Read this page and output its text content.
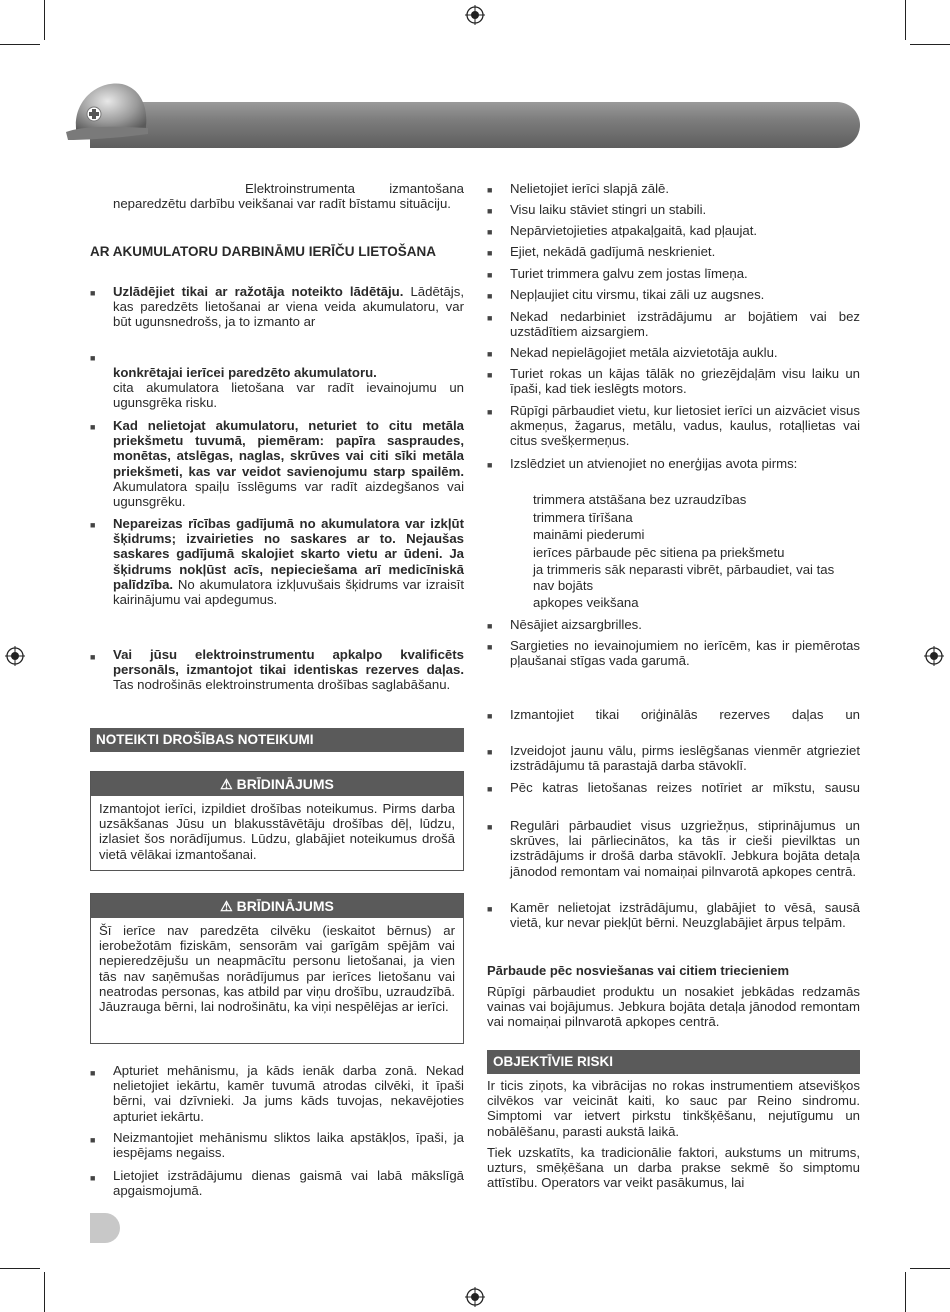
Elektroinstrumenta izmantošana neparedzētu darbību veikšanai var radīt bīstamu situāciju.
AR AKUMULATORU DARBINĀMU IERĪČU LIETOŠANA
■ Uzlādējiet tikai ar ražotāja noteikto lādētāju. Lādētājs, kas paredzēts lietošanai ar viena veida akumulatoru, var būt ugunsnedrošs, ja to izmanto ar
■
konkrētajai ierīcei paredzēto akumulatoru.
cita akumulatora lietošana var radīt ievainojumu un ugunsgrēka risku.
■ Kad nelietojat akumulatoru, neturiet to citu metāla priekšmetu tuvumā, piemēram: papīra saspraudes, monētas, atslēgas, naglas, skrūves vai citi sīki metāla priekšmeti, kas var veidot savienojumu starp spailēm. Akumulatora spaiļu īsslēgums var radīt aizdegšanos vai ugunsgrēku.
■ Nepareizas rīcības gadījumā no akumulatora var izkļūt šķidrums; izvairieties no saskares ar to. Nejaušas saskares gadījumā skalojiet skarto vietu ar ūdeni. Ja šķidrums nokļūst acīs, nepieciešama arī medicīniskā palīdzība. No akumulatora izkļuvušais šķidrums var izraisīt kairinājumu vai apdegumus.
■ Vai jūsu elektroinstrumentu apkalpo kvalificēts personāls, izmantojot tikai identiskas rezerves daļas. Tas nodrošinās elektroinstrumenta drošības saglabāšanu.
NOTEIKTI DROŠĪBAS NOTEIKUMI
⚠ BRĪDINĀJUMS
Izmantojot ierīci, izpildiet drošības noteikumus. Pirms darba uzsākšanas Jūsu un blakusstāvētāju drošības dēļ, lūdzu, izlasiet šos norādījumus. Lūdzu, glabājiet noteikumus drošā vietā vēlākai izmantošanai.
⚠ BRĪDINĀJUMS
Šī ierīce nav paredzēta cilvēku (ieskaitot bērnus) ar ierobežotām fiziskām, sensorām vai garīgām spējām vai nepieredzējušu un neapmācītu personu lietošanai, ja vien tās nav saņēmušas norādījumus par ierīces lietošanu vai neatrodas personas, kas atbild par viņu drošību, uzraudzībā. Jāuzrauga bērni, lai nodrošinātu, ka viņi nespēlējas ar ierīci.
■ Apturiet mehānismu, ja kāds ienāk darba zonā. Nekad nelietojiet iekārtu, kamēr tuvumā atrodas cilvēki, it īpaši bērni, vai dzīvnieki. Ja jums kāds tuvojas, nekavējoties apturiet iekārtu.
■ Neizmantojiet mehānismu sliktos laika apstākļos, īpaši, ja iespējams negaiss.
■ Lietojiet izstrādājumu dienas gaismā vai labā mākslīgā apgaismojumā.
■ Nelietojiet ierīci slapjā zālē.
■ Visu laiku stāviet stingri un stabili.
■ Nepārvietojieties atpakaļgaitā, kad pļaujat.
■ Ejiet, nekādā gadījumā neskrieniet.
■ Turiet trimmera galvu zem jostas līmeņa.
■ Nepļaujiet citu virsmu, tikai zāli uz augsnes.
■ Nekad nedarbiniet izstrādājumu ar bojātiem vai bez uzstādītiem aizsargiem.
■ Nekad nepielāgojiet metāla aizvietotāja auklu.
■ Turiet rokas un kājas tālāk no griezējdaļām visu laiku un īpaši, kad tiek ieslēgts motors.
■ Rūpīgi pārbaudiet vietu, kur lietosiet ierīci un aizvāciet visus akmeņus, žagarus, metālu, vadus, kaulus, rotaļlietas vai citus svešķermeņus.
■ Izslēdziet un atvienojiet no enerģijas avota pirms:
trimmera atstāšana bez uzraudzības
trimmera tīrīšana
maināmi piederumi
ierīces pārbaude pēc sitiena pa priekšmetu
ja trimmeris sāk neparasti vibrēt, pārbaudiet, vai tas
nav bojāts
apkopes veikšana
■ Nēsājiet aizsargbrilles.
■ Sargieties no ievainojumiem no ierīcēm, kas ir piemērotas pļaušanai stīgas vada garumā.
■ Izmantojiet tikai oriģinālās rezerves daļas un
■ Izveidojot jaunu vālu, pirms ieslēgšanas vienmēr atgrieziet izstrādājumu tā parastajā darba stāvoklī.
■ Pēc katras lietošanas reizes notīriet ar mīkstu, sausu
■ Regulāri pārbaudiet visus uzgriežņus, stiprinājumus un skrūves, lai pārliecinātos, ka tās ir cieši pievilktas un izstrādājums ir drošā darba stāvoklī. Jebkura bojāta detaļa jānodod remontam vai nomaiņai pilnvarotā apkopes centrā.
■ Kamēr nelietojat izstrādājumu, glabājiet to vēsā, sausā vietā, kur nevar piekļūt bērni. Neuzglabājiet ārpus telpām.
Pārbaude pēc nosviešanas vai citiem triecieniem
Rūpīgi pārbaudiet produktu un nosakiet jebkādas redzamās vainas vai bojājumus. Jebkura bojāta detaļa jānodod remontam vai nomaiņai pilnvarotā apkopes centrā.
OBJEKTĪVIE RISKI
Ir ticis ziņots, ka vibrācijas no rokas instrumentiem atsevišķos cilvēkos var veicināt kaiti, ko sauc par Reino sindromu. Simptomi var ietvert pirkstu tinkšķēšanu, nejutīgumu un nobālēšanu, parasti aukstā laikā.
Tiek uzskatīts, ka tradicionālie faktori, aukstums un mitrums, uzturs, smēķēšana un darba prakse sekmē šo simptomu attīstību. Operators var veikt pasākumus, lai
